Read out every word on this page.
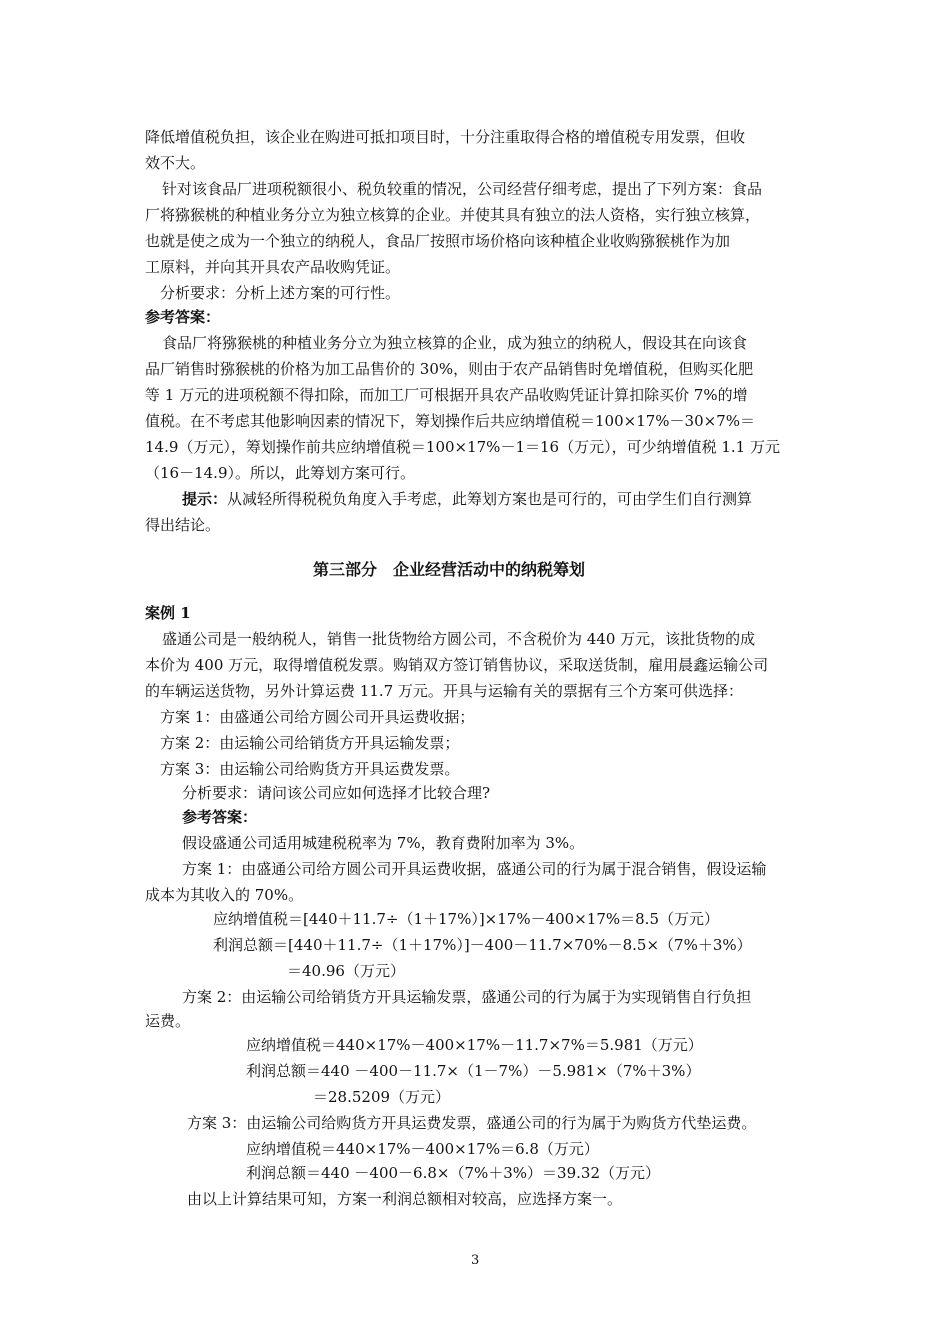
降低增值税负担，该企业在购进可抵扣项目时，十分注重取得合格的增值税专用发票，但收
效不大。
针对该食品厂进项税额很小、税负较重的情况，公司经营仔细考虑，提出了下列方案：食品
厂将猕猴桃的种植业务分立为独立核算的企业。并使其具有独立的法人资格，实行独立核算，
也就是使之成为一个独立的纳税人，食品厂按照市场价格向该种植企业收购猕猴桃作为加
工原料，并向其开具农产品收购凭证。
分析要求：分析上述方案的可行性。
参考答案：
食品厂将猕猴桃的种植业务分立为独立核算的企业，成为独立的纳税人，假设其在向该食
品厂销售时猕猴桃的价格为加工品售价的 30%，则由于农产品销售时免增值税，但购买化肥
等 1 万元的进项税额不得扣除，而加工厂可根据开具农产品收购凭证计算扣除买价 7%的增
值税。在不考虑其他影响因素的情况下，筹划操作后共应纳增值税＝100×17%－30×7%＝
14.9（万元），筹划操作前共应纳增值税＝100×17%－1＝16（万元），可少纳增值税 1.1 万元
（16－14.9）。所以，此筹划方案可行。
提示：从减轻所得税税负角度入手考虑，此筹划方案也是可行的，可由学生们自行测算
得出结论。
第三部分　企业经营活动中的纳税筹划
案例 1
盛通公司是一般纳税人，销售一批货物给方圆公司，不含税价为 440 万元，该批货物的成
本价为 400 万元，取得增值税发票。购销双方签订销售协议，采取送货制，雇用晨鑫运输公司
的车辆运送货物，另外计算运费 11.7 万元。开具与运输有关的票据有三个方案可供选择：
方案 1：由盛通公司给方圆公司开具运费收据；
方案 2：由运输公司给销货方开具运输发票；
方案 3：由运输公司给购货方开具运费发票。
分析要求：请问该公司应如何选择才比较合理?
参考答案：
假设盛通公司适用城建税税率为 7%，教育费附加率为 3%。
方案 1：由盛通公司给方圆公司开具运费收据，盛通公司的行为属于混合销售，假设运输
成本为其收入的 70%。
应纳增值税＝[440＋11.7÷（1＋17%）]×17%－400×17%＝8.5（万元）
利润总额＝[440＋11.7÷（1＋17%）]－400－11.7×70%－8.5×（7%＋3%）
＝40.96（万元）
方案 2：由运输公司给销货方开具运输发票，盛通公司的行为属于为实现销售自行负担
运费。
应纳增值税＝440×17%－400×17%－11.7×7%＝5.981（万元）
利润总额＝440 －400－11.7×（1－7%）－5.981×（7%＋3%）
＝28.5209（万元）
方案 3：由运输公司给购货方开具运费发票，盛通公司的行为属于为购货方代垫运费。
应纳增值税＝440×17%－400×17%＝6.8（万元）
利润总额＝440 －400－6.8×（7%＋3%）＝39.32（万元）
由以上计算结果可知，方案一利润总额相对较高，应选择方案一。
3
